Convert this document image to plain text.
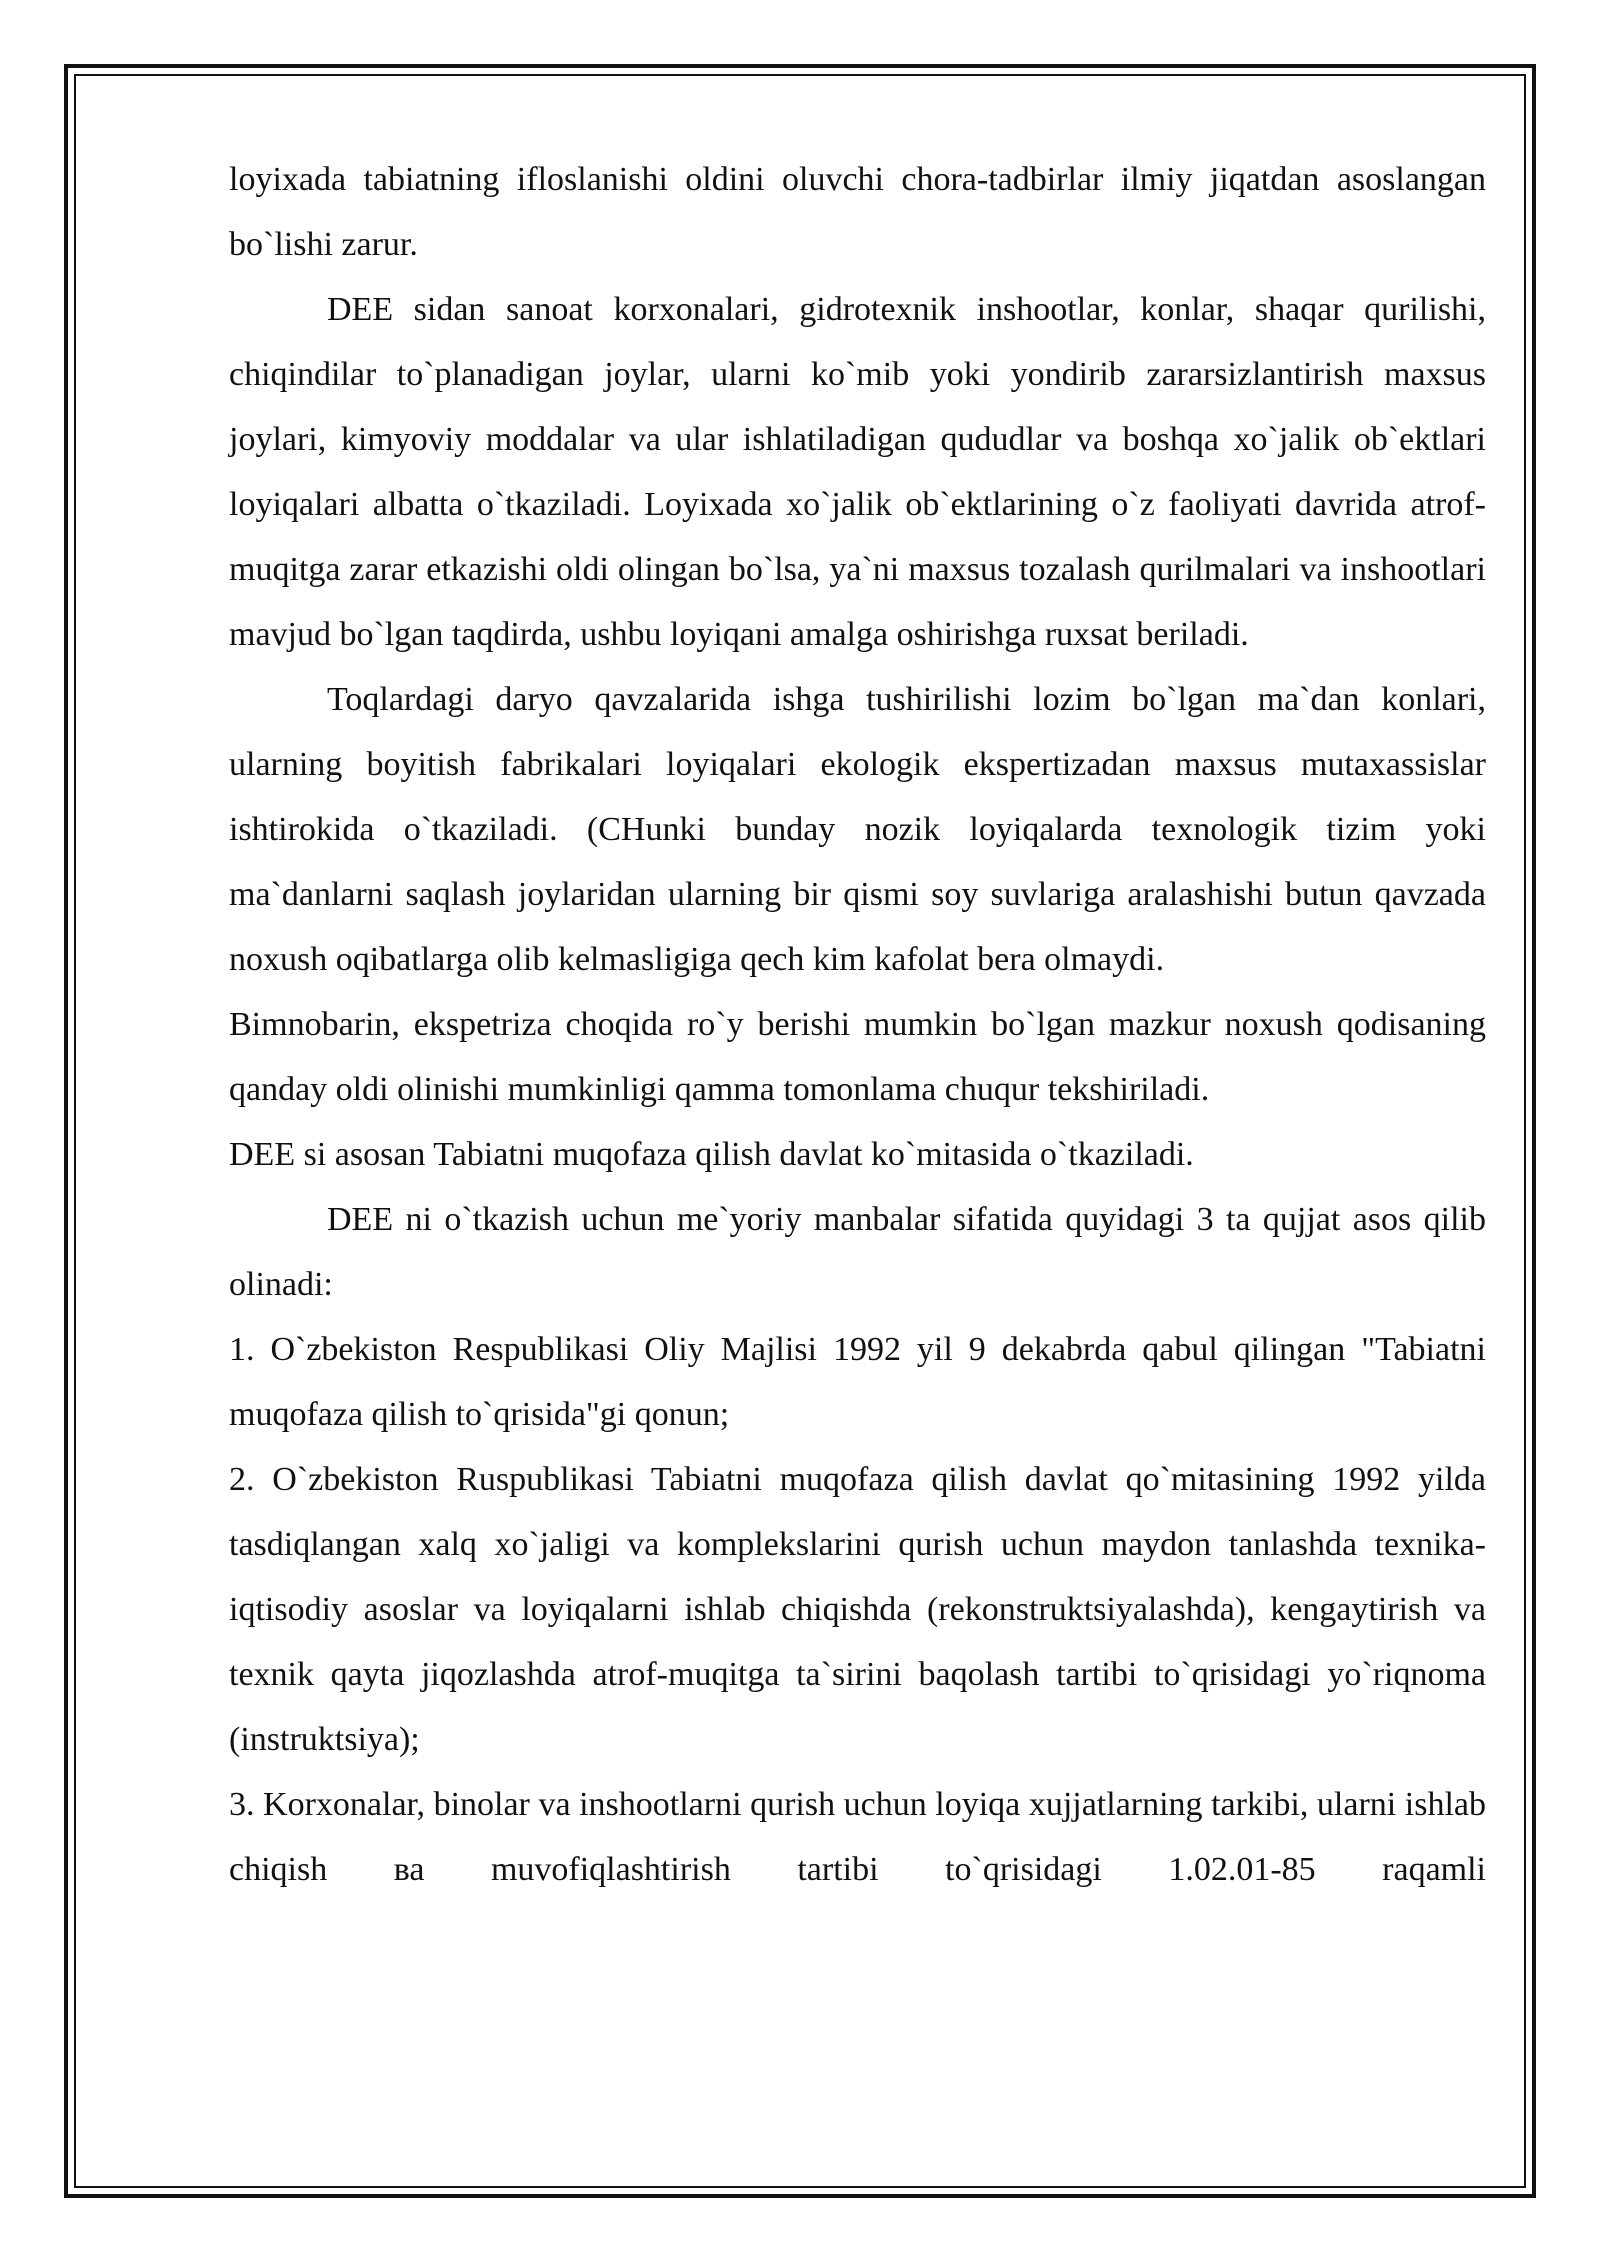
loyixada tabiatning ifloslanishi oldini oluvchi chora-tadbirlar ilmiy jiqatdan asoslangan bo`lishi zarur.

DEE sidan sanoat korxonalari, gidrotexnik inshootlar, konlar, shaqar qurilishi, chiqindilar to`planadigan joylar, ularni ko`mib yoki yondirib zararsizlantirish maxsus joylari, kimyoviy moddalar va ular ishlatiladigan qududlar va boshqa xo`jalik ob`ektlari loyiqalari albatta o`tkaziladi. Loyixada xo`jalik ob`ektlarining o`z faoliyati davrida atrof-muqitga zarar etkazishi oldi olingan bo`lsa, ya`ni maxsus tozalash qurilmalari va inshootlari mavjud bo`lgan taqdirda, ushbu loyiqani amalga oshirishga ruxsat beriladi.

Toqlardagi daryo qavzalarida ishga tushirilishi lozim bo`lgan ma`dan konlari, ularning boyitish fabrikalari loyiqalari ekologik ekspertizadan maxsus mutaxassislar ishtirokida o`tkaziladi. (CHunki bunday nozik loyiqalarda texnologik tizim yoki ma`danlarni saqlash joylaridan ularning bir qismi soy suvlariga aralashishi butun qavzada noxush oqibatlarga olib kelmasligiga qech kim kafolat bera olmaydi.

Bimnobarin, ekspetriza choqida ro`y berishi mumkin bo`lgan mazkur noxush qodisaning qanday oldi olinishi mumkinligi qamma tomonlama chuqur tekshiriladi.

DEE si asosan Tabiatni muqofaza qilish davlat ko`mitasida o`tkaziladi.

DEE ni o`tkazish uchun me`yoriy manbalar sifatida quyidagi 3 ta qujjat asos qilib olinadi:

1. O`zbekiston Respublikasi Oliy Majlisi 1992 yil 9 dekabrda qabul qilingan "Tabiatni muqofaza qilish to`qrisida"gi qonun;

2. O`zbekiston Ruspublikasi Tabiatni muqofaza qilish davlat qo`mitasining 1992 yilda tasdiqlangan xalq xo`jaligi va komplekslarini qurish uchun maydon tanlashda texnika-iqtisodiy asoslar va loyiqalarni ishlab chiqishda (rekonstruktsiyalashda), kengaytirish va texnik qayta jiqozlashda atrof-muqitga ta`sirini baqolash tartibi to`qrisidagi yo`riqnoma (instruktsiya);

3. Korxonalar, binolar va inshootlarni qurish uchun loyiqa xujjatlarning tarkibi, ularni ishlab chiqish ва muvofiqlashtirish tartibi to`qrisidagi 1.02.01-85 raqamli
